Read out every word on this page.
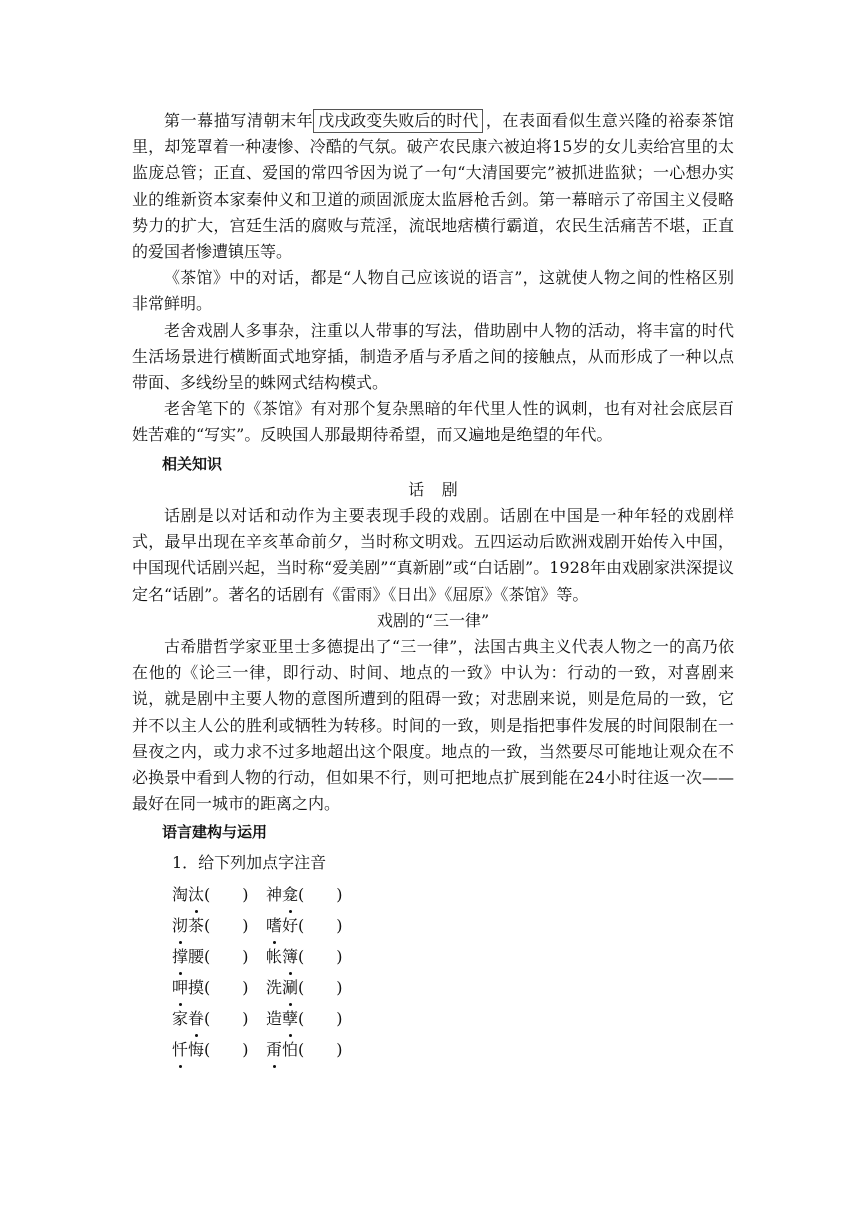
第一幕描写清朝末年 戊戌政变失败后的时代 ，在表面看似生意兴隆的裕泰茶馆里，却笼罩着一种凄惨、冷酷的气氛。破产农民康六被迫将15岁的女儿卖给宫里的太监庞总管；正直、爱国的常四爷因为说了一句“大清国要完”被抓进监狱；一心想办实业的维新资本家秦仲义和卫道的顽固派庞太监唇枪舌剑。第一幕暗示了帝国主义侵略势力的扩大，宫廷生活的腐败与荒淫，流氓地痞横行霸道，农民生活痛苦不堪，正直的爱国者惨遭镇压等。

《茶馆》中的对话，都是“人物自己应该说的语言”，这就使人物之间的性格区别非常鲜明。

老舍戏剧人多事杂，注重以人带事的写法，借助剧中人物的活动，将丰富的时代生活场景进行横断面式地穿插，制造矛盾与矛盾之间的接触点，从而形成了一种以点带面、多线纷呈的蛛网式结构模式。

老舍笔下的《茶馆》有对那个复杂黑暗的年代里人性的讽刺，也有对社会底层百姓苦难的“写实”。反映国人那最期待希望，而又遍地是绝望的年代。

相关知识

话剧

话剧是以对话和动作为主要表现手段的戏剧。话剧在中国是一种年轻的戏剧样式，最早出现在辛亥革命前夕，当时称文明戏。五四运动后欧洲戏剧开始传入中国，中国现代话剧兴起，当时称“爱美剧”“真新剧”或“白话剧”。1928年由戏剧家洪深提议定名“话剧”。著名的话剧有《雷雨》《日出》《屈原》《茶馆》等。

戏剧的“三一律”

古希腊哲学家亚里士多德提出了“三一律”，法国古典主义代表人物之一的高乃依在他的《论三一律，即行动、时间、地点的一致》中认为：行动的一致，对喜剧来说，就是剧中主要人物的意图所遭到的阻碍一致；对悲剧来说，则是危局的一致，它并不以主人公的胜利或牺牲为转移。时间的一致，则是指把事件发展的时间限制在一昼夜之内，或力求不过多地超出这个限度。地点的一致，当然要尽可能地让观众在不必换景中看到人物的行动，但如果不行，则可把地点扩展到能在24小时往返一次——最好在同一城市的距离之内。

语言建构与运用
1．给下列加点字注音
淘汰(　　)	神龛(　　)
沏茶(　　)	嗜好(　　)
撑腰(　　)	帐簿(　　)
呷摸(　　)	洗涮(　　)
家眷(　　)	造孽(　　)
忏悔(　　)	甭怕(　　)
